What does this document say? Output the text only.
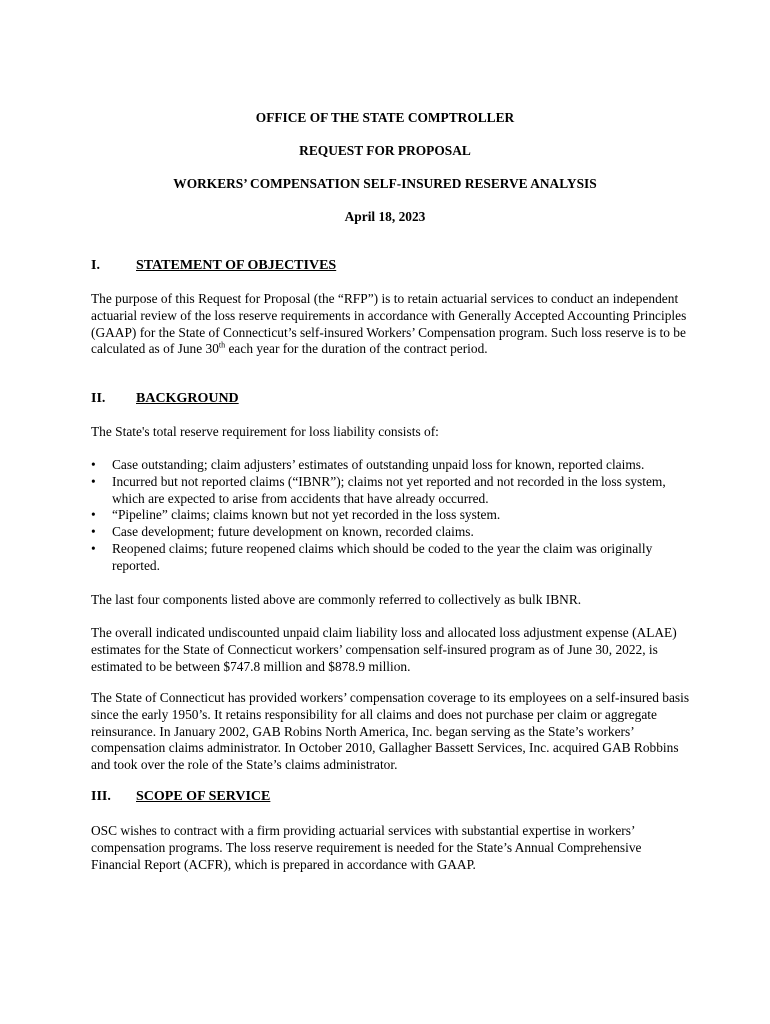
OFFICE OF THE STATE COMPTROLLER
REQUEST FOR PROPOSAL
WORKERS’ COMPENSATION SELF-INSURED RESERVE ANALYSIS
April 18, 2023
I.	STATEMENT OF OBJECTIVES

The purpose of this Request for Proposal (the “RFP”) is to retain actuarial services to conduct an independent actuarial review of the loss reserve requirements in accordance with Generally Accepted Accounting Principles (GAAP) for the State of Connecticut’s self-insured Workers’ Compensation program. Such loss reserve is to be calculated as of June 30th each year for the duration of the contract period.

II. BACKGROUND

The State's total reserve requirement for loss liability consists of:

•	Case outstanding; claim adjusters’ estimates of outstanding unpaid loss for known, reported claims.
•	Incurred but not reported claims (“IBNR”); claims not yet reported and not recorded in the loss system, which are expected to arise from accidents that have already occurred.
•	“Pipeline” claims; claims known but not yet recorded in the loss system.
•	Case development; future development on known, recorded claims.
•	Reopened claims; future reopened claims which should be coded to the year the claim was originally reported.

The last four components listed above are commonly referred to collectively as bulk IBNR.

The overall indicated undiscounted unpaid claim liability loss and allocated loss adjustment expense (ALAE) estimates for the State of Connecticut workers’ compensation self-insured program as of June 30, 2022, is estimated to be between $747.8 million and $878.9 million.

The State of Connecticut has provided workers’ compensation coverage to its employees on a self-insured basis since the early 1950’s. It retains responsibility for all claims and does not purchase per claim or aggregate reinsurance. In January 2002, GAB Robins North America, Inc. began serving as the State’s workers’ compensation claims administrator. In October 2010, Gallagher Bassett Services, Inc. acquired GAB Robbins and took over the role of the State’s claims administrator.

III. SCOPE OF SERVICE

OSC wishes to contract with a firm providing actuarial services with substantial expertise in workers’ compensation programs. The loss reserve requirement is needed for the State’s Annual Comprehensive Financial Report (ACFR), which is prepared in accordance with GAAP.
